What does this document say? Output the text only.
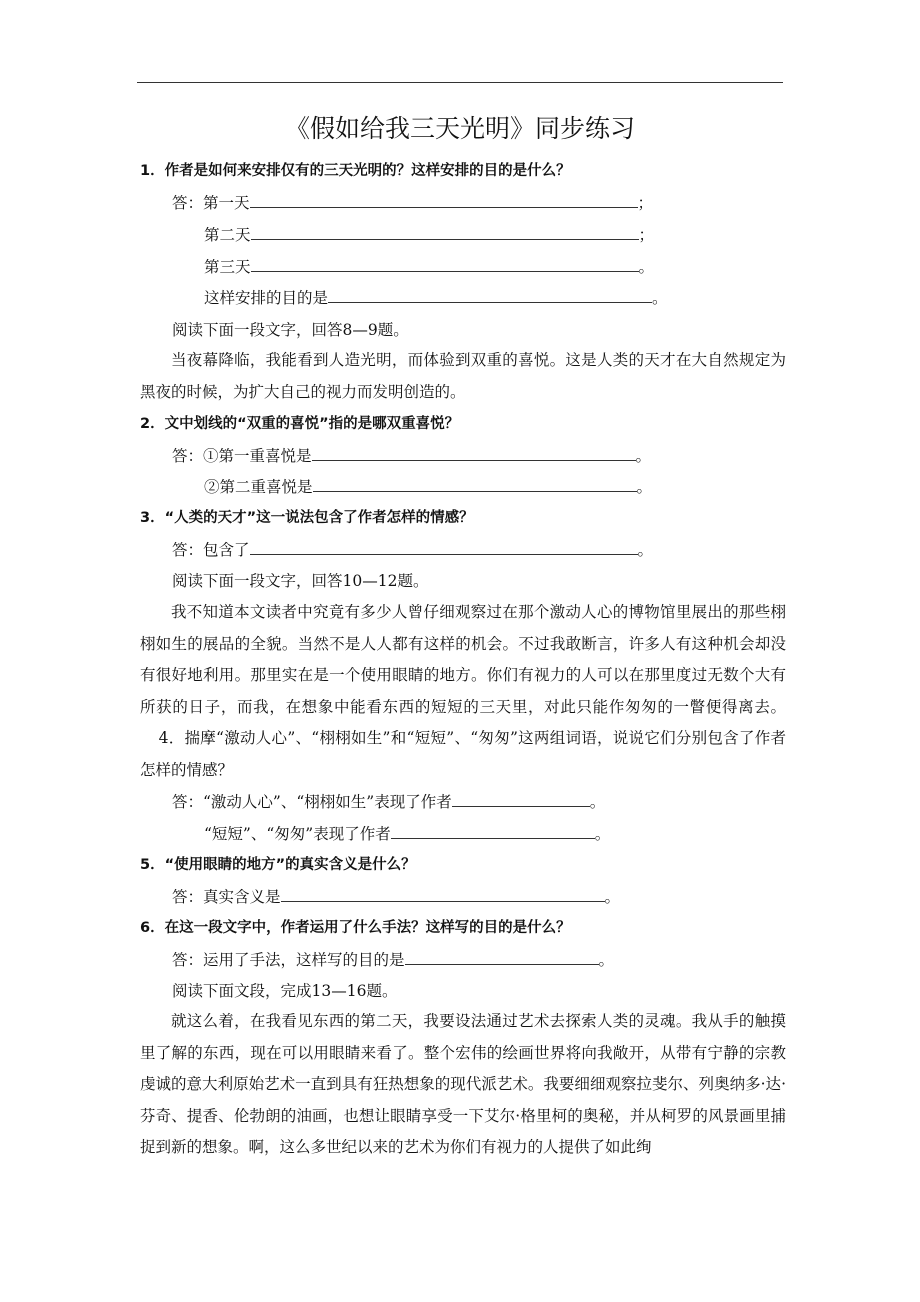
《假如给我三天光明》同步练习
1．作者是如何来安排仅有的三天光明的？这样安排的目的是什么？
答：第一天	；
第二天	；
第三天	。
这样安排的目的是	。
阅读下面一段文字，回答8—9题。
当夜幕降临，我能看到人造光明，而体验到双重的喜悦。这是人类的天才在大自然规定为黑夜的时候，为扩大自己的视力而发明创造的。
2．文中划线的“双重的喜悦”指的是哪双重喜悦？
答：①第一重喜悦是	。
②第二重喜悦是	。
3．“人类的天才”这一说法包含了作者怎样的情感？
答：包含了	。
阅读下面一段文字，回答10—12题。
我不知道本文读者中究竟有多少人曾仔细观察过在那个激动人心的博物馆里展出的那些栩栩如生的展品的全貌。当然不是人人都有这样的机会。不过我敢断言，许多人有这种机会却没有很好地利用。那里实在是一个使用眼睛的地方。你们有视力的人可以在那里度过无数个大有所获的日子，而我，在想象中能看东西的短短的三天里，对此只能作匆匆的一瞥便得离去。4．揣摩“激动人心”、“栩栩如生”和“短短”、“匆匆”这两组词语，说说它们分别包含了作者怎样的情感？
答：“激动人心”、“栩栩如生”表现了作者	。
“短短”、“匆匆”表现了作者	。
5．“使用眼睛的地方”的真实含义是什么？
答：真实含义是	。
6．在这一段文字中，作者运用了什么手法？这样写的目的是什么？
答：运用了手法，这样写的目的是	。
阅读下面文段，完成13—16题。
就这么着，在我看见东西的第二天，我要设法通过艺术去探索人类的灵魂。我从手的触摸里了解的东西，现在可以用眼睛来看了。整个宏伟的绘画世界将向我敞开，从带有宁静的宗教虔诚的意大利原始艺术一直到具有狂热想象的现代派艺术。我要细细观察拉斐尔、列奥纳多·达·芬奇、提香、伦勃朗的油画，也想让眼睛享受一下艾尔·格里柯的奥秘，并从柯罗的风景画里捕捉到新的想象。啊，这么多世纪以来的艺术为你们有视力的人提供了如此绚
